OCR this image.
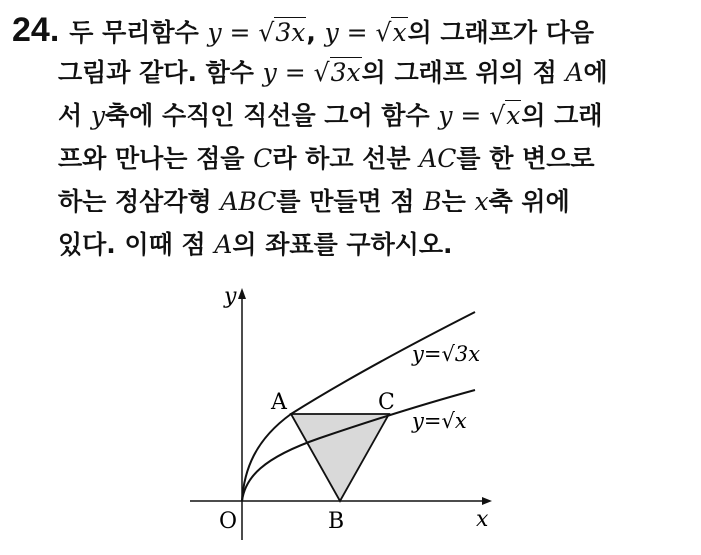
24. 두 무리함수 y = √3x, y = √x의 그래프가 다음
그림과 같다. 함수 y = √3x의 그래프 위의 점 A에
서 y축에 수직인 직선을 그어 함수 y = √x의 그래
프와 만나는 점을 C라 하고 선분 AC를 한 변으로
하는 정삼각형 ABC를 만들면 점 B는 x축 위에
있다. 이때 점 A의 좌표를 구하시오.
y
x
O
A
B
C
y=√3x
y=√x
